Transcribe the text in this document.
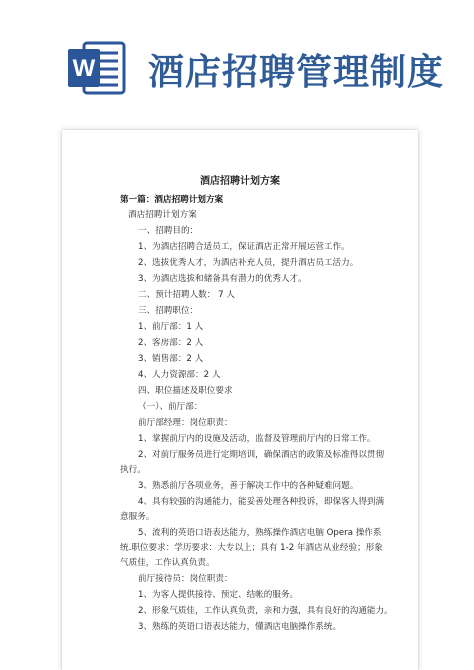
W 酒店招聘管理制度
酒店招聘计划方案
第一篇：酒店招聘计划方案
酒店招聘计划方案
一、招聘目的：
1、为酒店招聘合适员工，保证酒店正常开展运营工作。
2、选拔优秀人才，为酒店补充人员，提升酒店员工活力。
3、为酒店选拔和储备具有潜力的优秀人才。
二、预计招聘人数： 7 人
三、招聘职位：
1、前厅部：1 人
2、客房部：2 人
3、销售部：2 人
4、人力资源部：2 人
四、职位描述及职位要求
（一）、前厅部：
前厅部经理：岗位职责：
1、掌握前厅内的设施及活动，监督及管理前厅内的日常工作。
2、对前厅服务员进行定期培训，确保酒店的政策及标准得以贯彻
执行。
3、熟悉前厅各项业务，善于解决工作中的各种疑难问题。
4、具有较强的沟通能力，能妥善处理各种投诉，即保客人得到满
意服务。
5、流利的英语口语表达能力，熟练操作酒店电脑 Opera 操作系
统.职位要求：学历要求：大专以上；具有 1-2 年酒店从业经验；形象
气质佳，工作认真负责。
前厅接待员：岗位职责：
1、为客人提供接待、预定、结帐的服务。
2、形象气质佳，工作认真负责，亲和力强，具有良好的沟通能力。
3、熟练的英语口语表达能力，懂酒店电脑操作系统。
